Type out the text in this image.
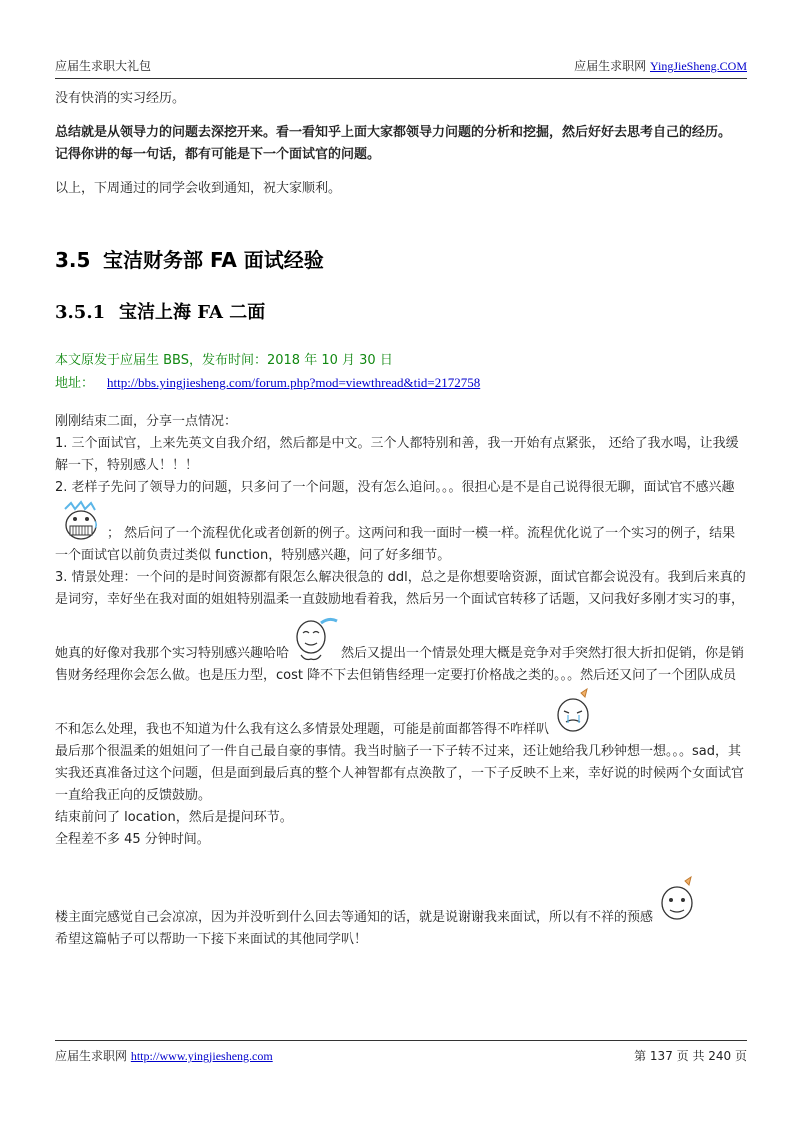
应届生求职大礼包	应届生求职网 YingJieSheng.COM

没有快消的实习经历。

总结就是从领导力的问题去深挖开来。看一看知乎上面大家都领导力问题的分析和挖掘，然后好好去思考自己的经历。

记得你讲的每一句话，都有可能是下一个面试官的问题。

以上，下周通过的同学会收到通知，祝大家顺利。

3.5 宝洁财务部 FA 面试经验
3.5.1 宝洁上海 FA 二面

本文原发于应届生 BBS，发布时间：2018 年 10 月 30 日

地址： http://bbs.yingjiesheng.com/forum.php?mod=viewthread&tid=2172758

刚刚结束二面，分享一点情况：

1. 三个面试官，上来先英文自我介绍，然后都是中文。三个人都特别和善，我一开始有点紧张， 还给了我水喝，让我缓解一下，特别感人！！！

2. 老样子先问了领导力的问题，只多问了一个问题，没有怎么追问。。。很担心是不是自己说得很无聊，面试官不感兴趣； 然后问了一个流程优化或者创新的例子。这两问和我一面时一模一样。流程优化说了一个实习的例子，结果一个面试官以前负责过类似 function，特别感兴趣，问了好多细节。

3. 情景处理：一个问的是时间资源都有限怎么解决很急的 ddl，总之是你想要啥资源，面试官都会说没有。我到后来真的是词穷，幸好坐在我对面的姐姐特别温柔一直鼓励地看着我，然后另一个面试官转移了话题，又问我好多刚才实习的事，她真的好像对我那个实习特别感兴趣哈哈	然后又提出一个情景处理大概是竞争对手突然打很大折扣促销，你是销售财务经理你会怎么做。也是压力型，cost 降不下去但销售经理一定要打价格战之类的。。。然后还又问了一个团队成员不和怎么处理，我也不知道为什么我有这么多情景处理题，可能是前面都答得不咋样叭

最后那个很温柔的姐姐问了一件自己最自豪的事情。我当时脑子一下子转不过来，还让她给我几秒钟想一想。。。sad，其实我还真准备过这个问题，但是面到最后真的整个人神智都有点涣散了，一下子反映不上来，幸好说的时候两个女面试官一直给我正向的反馈鼓励。

结束前问了 location，然后是提问环节。

全程差不多 45 分钟时间。

楼主面完感觉自己会凉凉，因为并没听到什么回去等通知的话，就是说谢谢我来面试，所以有不祥的预感

希望这篇帖子可以帮助一下接下来面试的其他同学叭！

应届生求职网 http://www.yingjiesheng.com	第 137 页 共 240 页
